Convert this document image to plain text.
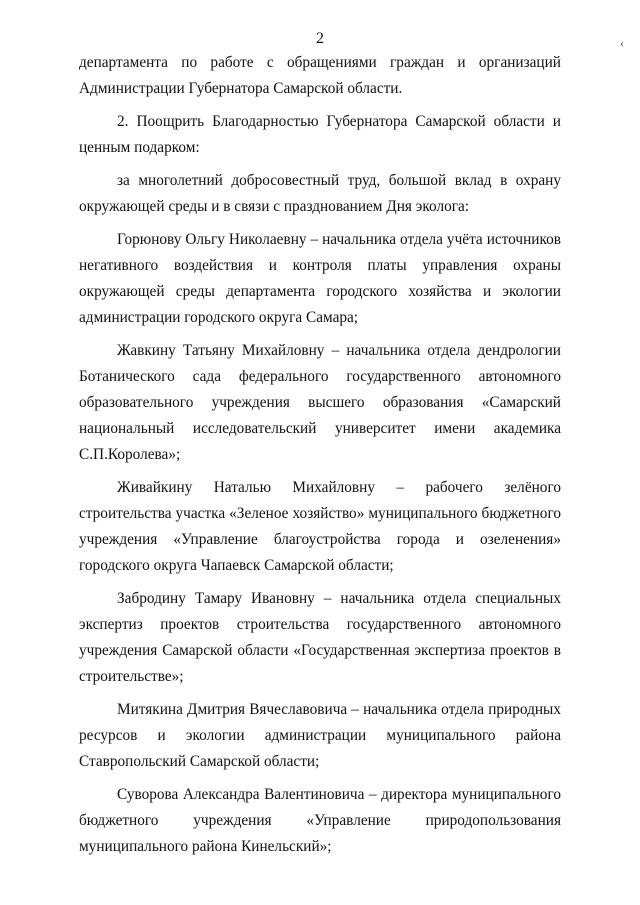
2	‹

департамента по работе с обращениями граждан и организаций Администрации Губернатора Самарской области.

2. Поощрить Благодарностью Губернатора Самарской области и ценным подарком:

за многолетний добросовестный труд, большой вклад в охрану окружающей среды и в связи с празднованием Дня эколога:

Горюнову Ольгу Николаевну – начальника отдела учёта источников негативного воздействия и контроля платы управления охраны окружающей среды департамента городского хозяйства и экологии администрации городского округа Самара;

Жавкину Татьяну Михайловну – начальника отдела дендрологии Ботанического сада федерального государственного автономного образовательного учреждения высшего образования «Самарский национальный исследовательский университет имени академика С.П.Королева»;

Живайкину Наталью Михайловну – рабочего зелёного строительства участка «Зеленое хозяйство» муниципального бюджетного учреждения «Управление благоустройства города и озеленения» городского округа Чапаевск Самарской области;

Забродину Тамару Ивановну – начальника отдела специальных экспертиз проектов строительства государственного автономного учреждения Самарской области «Государственная экспертиза проектов в строительстве»;

Митякина Дмитрия Вячеславовича – начальника отдела природных ресурсов и экологии администрации муниципального района Ставропольский Самарской области;

Суворова Александра Валентиновича – директора муниципального бюджетного учреждения «Управление природопользования муниципального района Кинельский»;
